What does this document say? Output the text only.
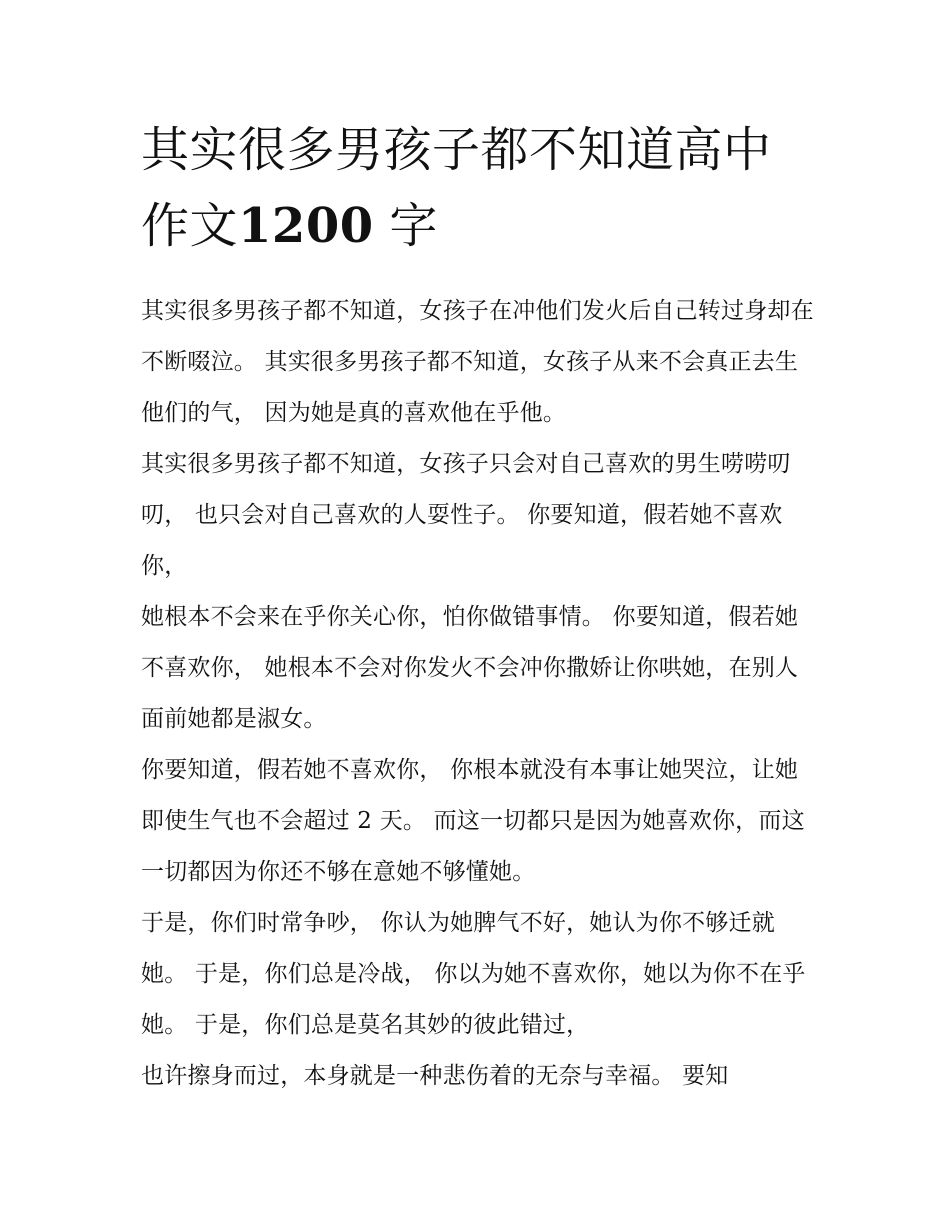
其实很多男孩子都不知道高中
作文1200 字

其实很多男孩子都不知道，女孩子在冲他们发火后自己转过身却在不断啜泣。 其实很多男孩子都不知道，女孩子从来不会真正去生他们的气， 因为她是真的喜欢他在乎他。

其实很多男孩子都不知道，女孩子只会对自己喜欢的男生唠唠叨叨， 也只会对自己喜欢的人耍性子。 你要知道，假若她不喜欢你，

她根本不会来在乎你关心你，怕你做错事情。 你要知道，假若她不喜欢你， 她根本不会对你发火不会冲你撒娇让你哄她，在别人面前她都是淑女。

你要知道，假若她不喜欢你， 你根本就没有本事让她哭泣，让她即使生气也不会超过 2 天。 而这一切都只是因为她喜欢你，而这一切都因为你还不够在意她不够懂她。

于是，你们时常争吵， 你认为她脾气不好，她认为你不够迁就她。 于是，你们总是冷战， 你以为她不喜欢你，她以为你不在乎她。 于是，你们总是莫名其妙的彼此错过，

也许擦身而过，本身就是一种悲伤着的无奈与幸福。 要知
